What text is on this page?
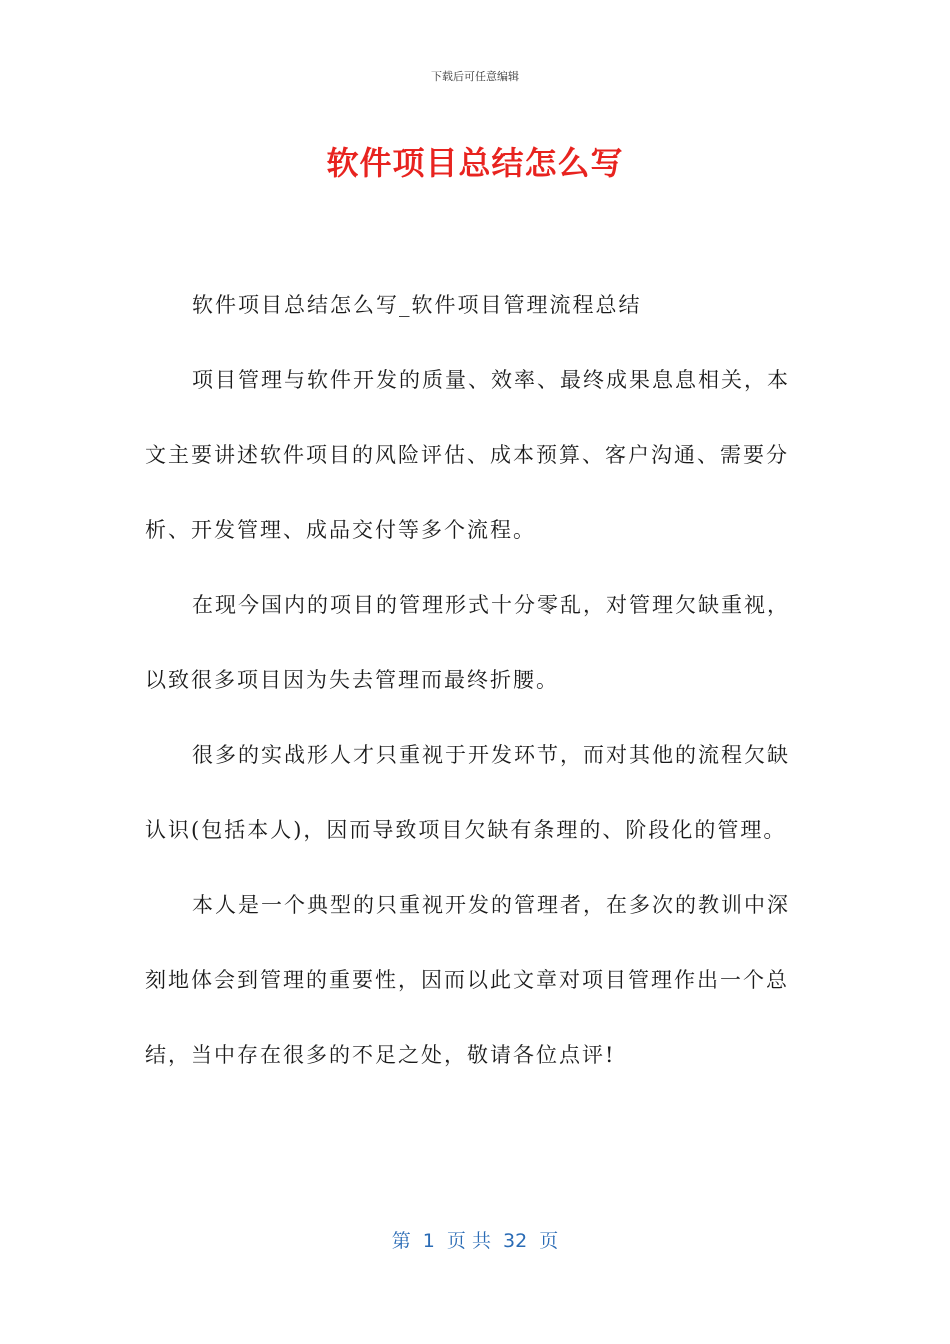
下载后可任意编辑
软件项目总结怎么写

软件项目总结怎么写_软件项目管理流程总结

项目管理与软件开发的质量、效率、最终成果息息相关，本文主要讲述软件项目的风险评估、成本预算、客户沟通、需要分析、开发管理、成品交付等多个流程。

在现今国内的项目的管理形式十分零乱，对管理欠缺重视，以致很多项目因为失去管理而最终折腰。

很多的实战形人才只重视于开发环节，而对其他的流程欠缺认识(包括本人)，因而导致项目欠缺有条理的、阶段化的管理。

本人是一个典型的只重视开发的管理者，在多次的教训中深刻地体会到管理的重要性，因而以此文章对项目管理作出一个总结，当中存在很多的不足之处，敬请各位点评!

第  1  页 共  32  页
